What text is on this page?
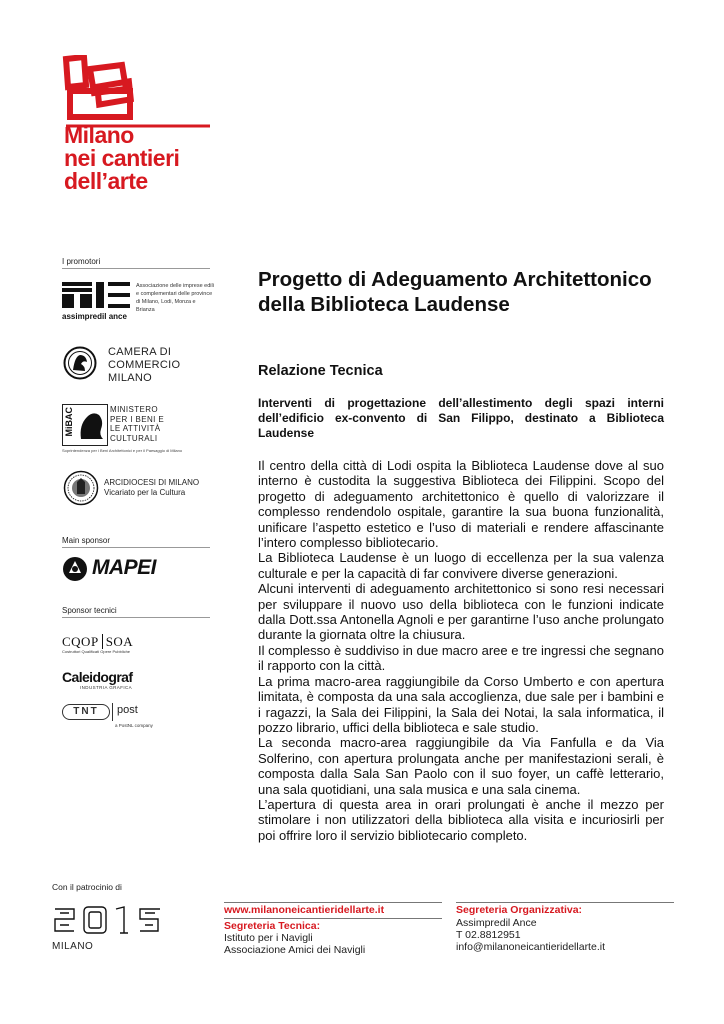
Milano
nei cantieri
dell’arte
I promotori
assimpredil ance
Associazione delle imprese edili e complementari delle province di Milano, Lodi, Monza e Brianza
CAMERA DI
COMMERCIO
MILANO
MiBAC	MINISTERO
PER I BENI E
LE ATTIVITÀ
CULTURALI
Soprintendenza per i Beni Architettonici e per il Paesaggio di Milano
ARCIDIOCESI DI MILANO
Vicariato per la Cultura
Main sponsor
MAPEI
Sponsor tecnici
CQOP SOA
Costruttori Qualificati Opere Pubbliche
Caleidograf
INDUSTRIA GRAFICA
TNT	post
a PostNL company
Progetto di Adeguamento Architettonico della Biblioteca Laudense
Relazione Tecnica

Interventi di progettazione dell’allestimento degli spazi interni dell’edificio ex-convento di San Filippo, destinato a Biblioteca Laudense

Il centro della città di Lodi ospita la Biblioteca Laudense dove al suo interno è custodita la suggestiva Biblioteca dei Filippini. Scopo del progetto di adeguamento architettonico è quello di valorizzare il complesso rendendolo ospitale, garantire la sua buona funzionalità, unificare l’aspetto estetico e l’uso di materiali e rendere affascinante l’intero complesso bibliotecario.

La Biblioteca Laudense è un luogo di eccellenza per la sua valenza culturale e per la capacità di far convivere diverse generazioni.

Alcuni interventi di adeguamento architettonico si sono resi necessari per sviluppare il nuovo uso della biblioteca con le funzioni indicate dalla Dott.ssa Antonella Agnoli e per garantirne l’uso anche prolungato durante la giornata oltre la chiusura.

Il complesso è suddiviso in due macro aree e tre ingressi che segnano il rapporto con la città.

La prima macro-area raggiungibile da Corso Umberto e con apertura limitata, è composta da una sala accoglienza, due sale per i bambini e i ragazzi, la Sala dei Filippini, la Sala dei Notai, la sala informatica, il pozzo librario, uffici della biblioteca e sale studio.

La seconda macro-area raggiungibile da Via Fanfulla e da Via Solferino, con apertura prolungata anche per manifestazioni serali, è composta dalla Sala San Paolo con il suo foyer, un caffè letterario, una sala quotidiani, una sala musica e una sala cinema.

L’apertura di questa area in orari prolungati è anche il mezzo per stimolare i non utilizzatori della biblioteca alla visita e incuriosirli per poi offrire loro il servizio bibliotecario completo.

Con il patrocinio di
MILANO
www.milanoneicantieridellarte.it
Segreteria Tecnica:
Istituto per i Navigli
Associazione Amici dei Navigli
Segreteria Organizzativa:
Assimpredil Ance
T 02.8812951
info@milanoneicantieridellarte.it
